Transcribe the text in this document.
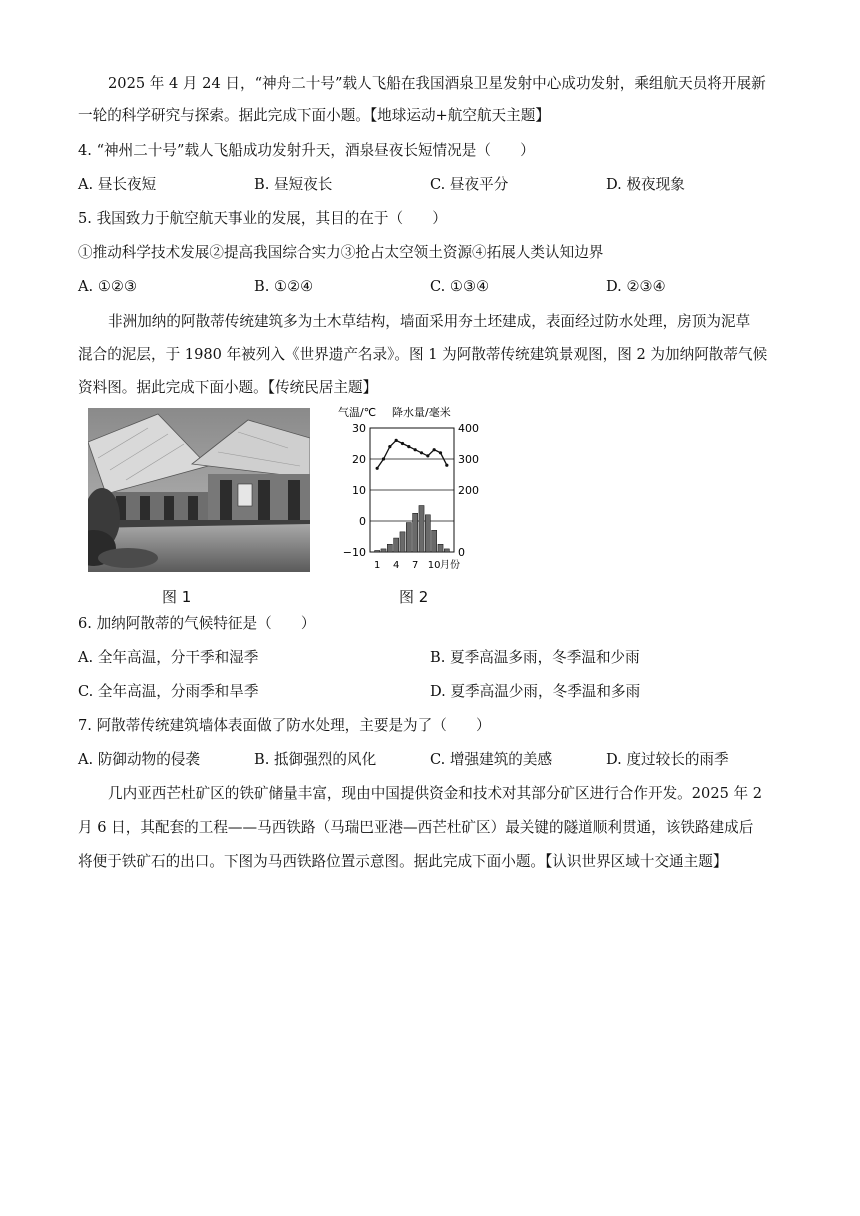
2025 年 4 月 24 日，“神舟二十号”载人飞船在我国酒泉卫星发射中心成功发射，乘组航天员将开展新
一轮的科学研究与探索。据此完成下面小题。【地球运动+航空航天主题】
4. “神州二十号”载人飞船成功发射升天，酒泉昼夜长短情况是（　　）
A. 昼长夜短	B. 昼短夜长	C. 昼夜平分	D. 极夜现象
5. 我国致力于航空航天事业的发展，其目的在于（　　）
①推动科学技术发展②提高我国综合实力③抢占太空领土资源④拓展人类认知边界
A. ①②③	B. ①②④	C. ①③④	D. ②③④
非洲加纳的阿散蒂传统建筑多为土木草结构，墙面采用夯土坯建成，表面经过防水处理，房顶为泥草
混合的泥层，于 1980 年被列入《世界遗产名录》。图 1 为阿散蒂传统建筑景观图，图 2 为加纳阿散蒂气候
资料图。据此完成下面小题。【传统民居主题】
气温/℃ 降水量/毫米
30
20
10
0
−10
400
300
200
0
1 4 7 10 月份
图 1	图 2
6. 加纳阿散蒂的气候特征是（　　）
A. 全年高温，分干季和湿季	B. 夏季高温多雨，冬季温和少雨
C. 全年高温，分雨季和旱季	D. 夏季高温少雨，冬季温和多雨
7. 阿散蒂传统建筑墙体表面做了防水处理，主要是为了（　　）
A. 防御动物的侵袭	B. 抵御强烈的风化	C. 增强建筑的美感	D. 度过较长的雨季
几内亚西芒杜矿区的铁矿储量丰富，现由中国提供资金和技术对其部分矿区进行合作开发。2025 年 2
月 6 日，其配套的工程——马西铁路（马瑞巴亚港—西芒杜矿区）最关键的隧道顺利贯通，该铁路建成后
将便于铁矿石的出口。下图为马西铁路位置示意图。据此完成下面小题。【认识世界区域十交通主题】
